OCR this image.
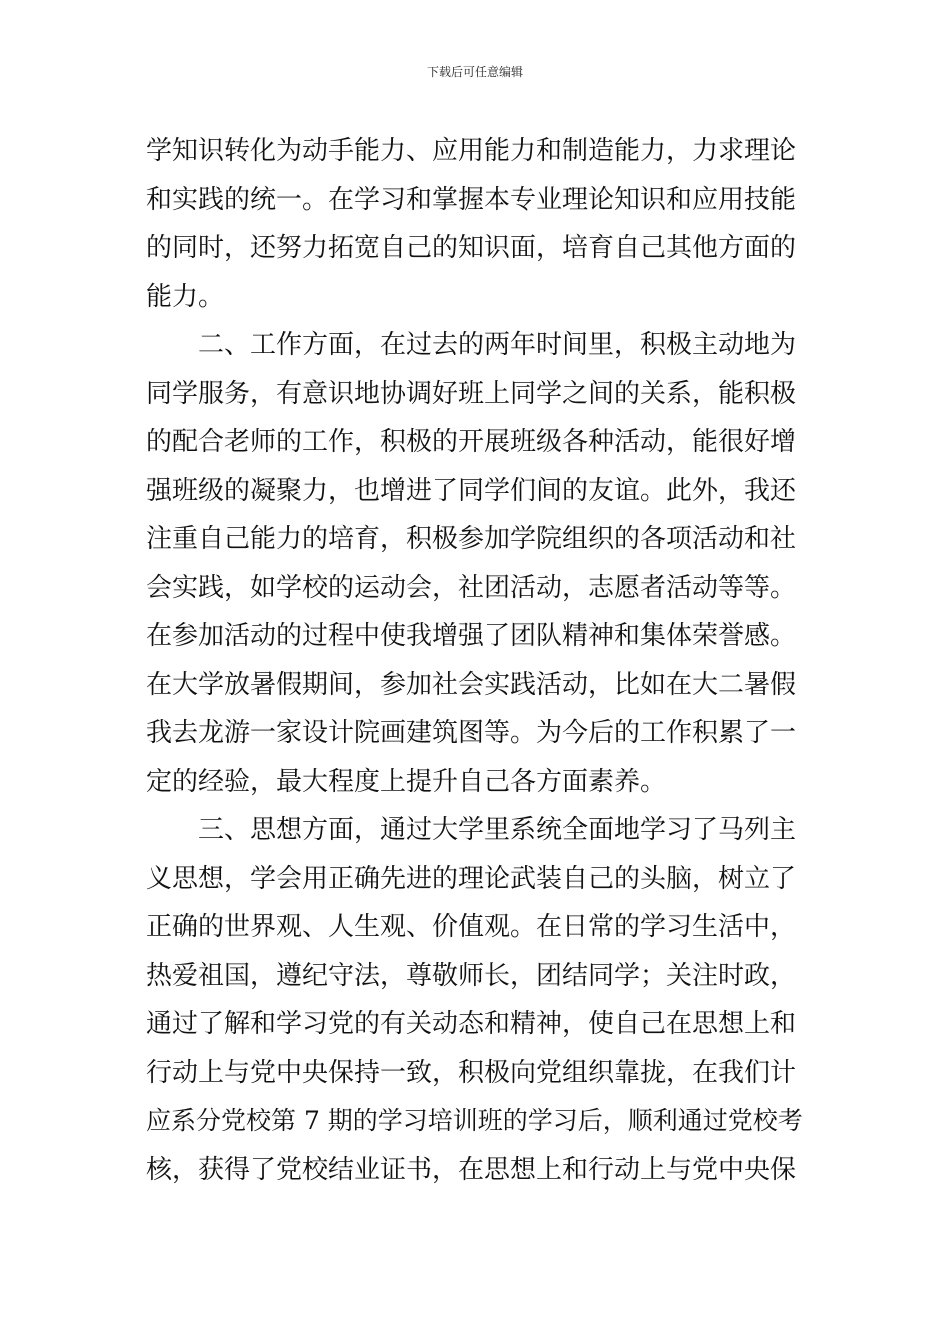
下载后可任意编辑
学知识转化为动手能力、应用能力和制造能力，力求理论
和实践的统一。在学习和掌握本专业理论知识和应用技能
的同时，还努力拓宽自己的知识面，培育自己其他方面的
能力。
二、工作方面，在过去的两年时间里，积极主动地为
同学服务，有意识地协调好班上同学之间的关系，能积极
的配合老师的工作，积极的开展班级各种活动，能很好增
强班级的凝聚力，也增进了同学们间的友谊。此外，我还
注重自己能力的培育，积极参加学院组织的各项活动和社
会实践，如学校的运动会，社团活动，志愿者活动等等。
在参加活动的过程中使我增强了团队精神和集体荣誉感。
在大学放暑假期间，参加社会实践活动，比如在大二暑假
我去龙游一家设计院画建筑图等。为今后的工作积累了一
定的经验，最大程度上提升自己各方面素养。
三、思想方面，通过大学里系统全面地学习了马列主
义思想，学会用正确先进的理论武装自己的头脑，树立了
正确的世界观、人生观、价值观。在日常的学习生活中，
热爱祖国，遵纪守法，尊敬师长，团结同学；关注时政，
通过了解和学习党的有关动态和精神，使自己在思想上和
行动上与党中央保持一致，积极向党组织靠拢，在我们计
应系分党校第 7 期的学习培训班的学习后，顺利通过党校考
核，获得了党校结业证书，在思想上和行动上与党中央保
